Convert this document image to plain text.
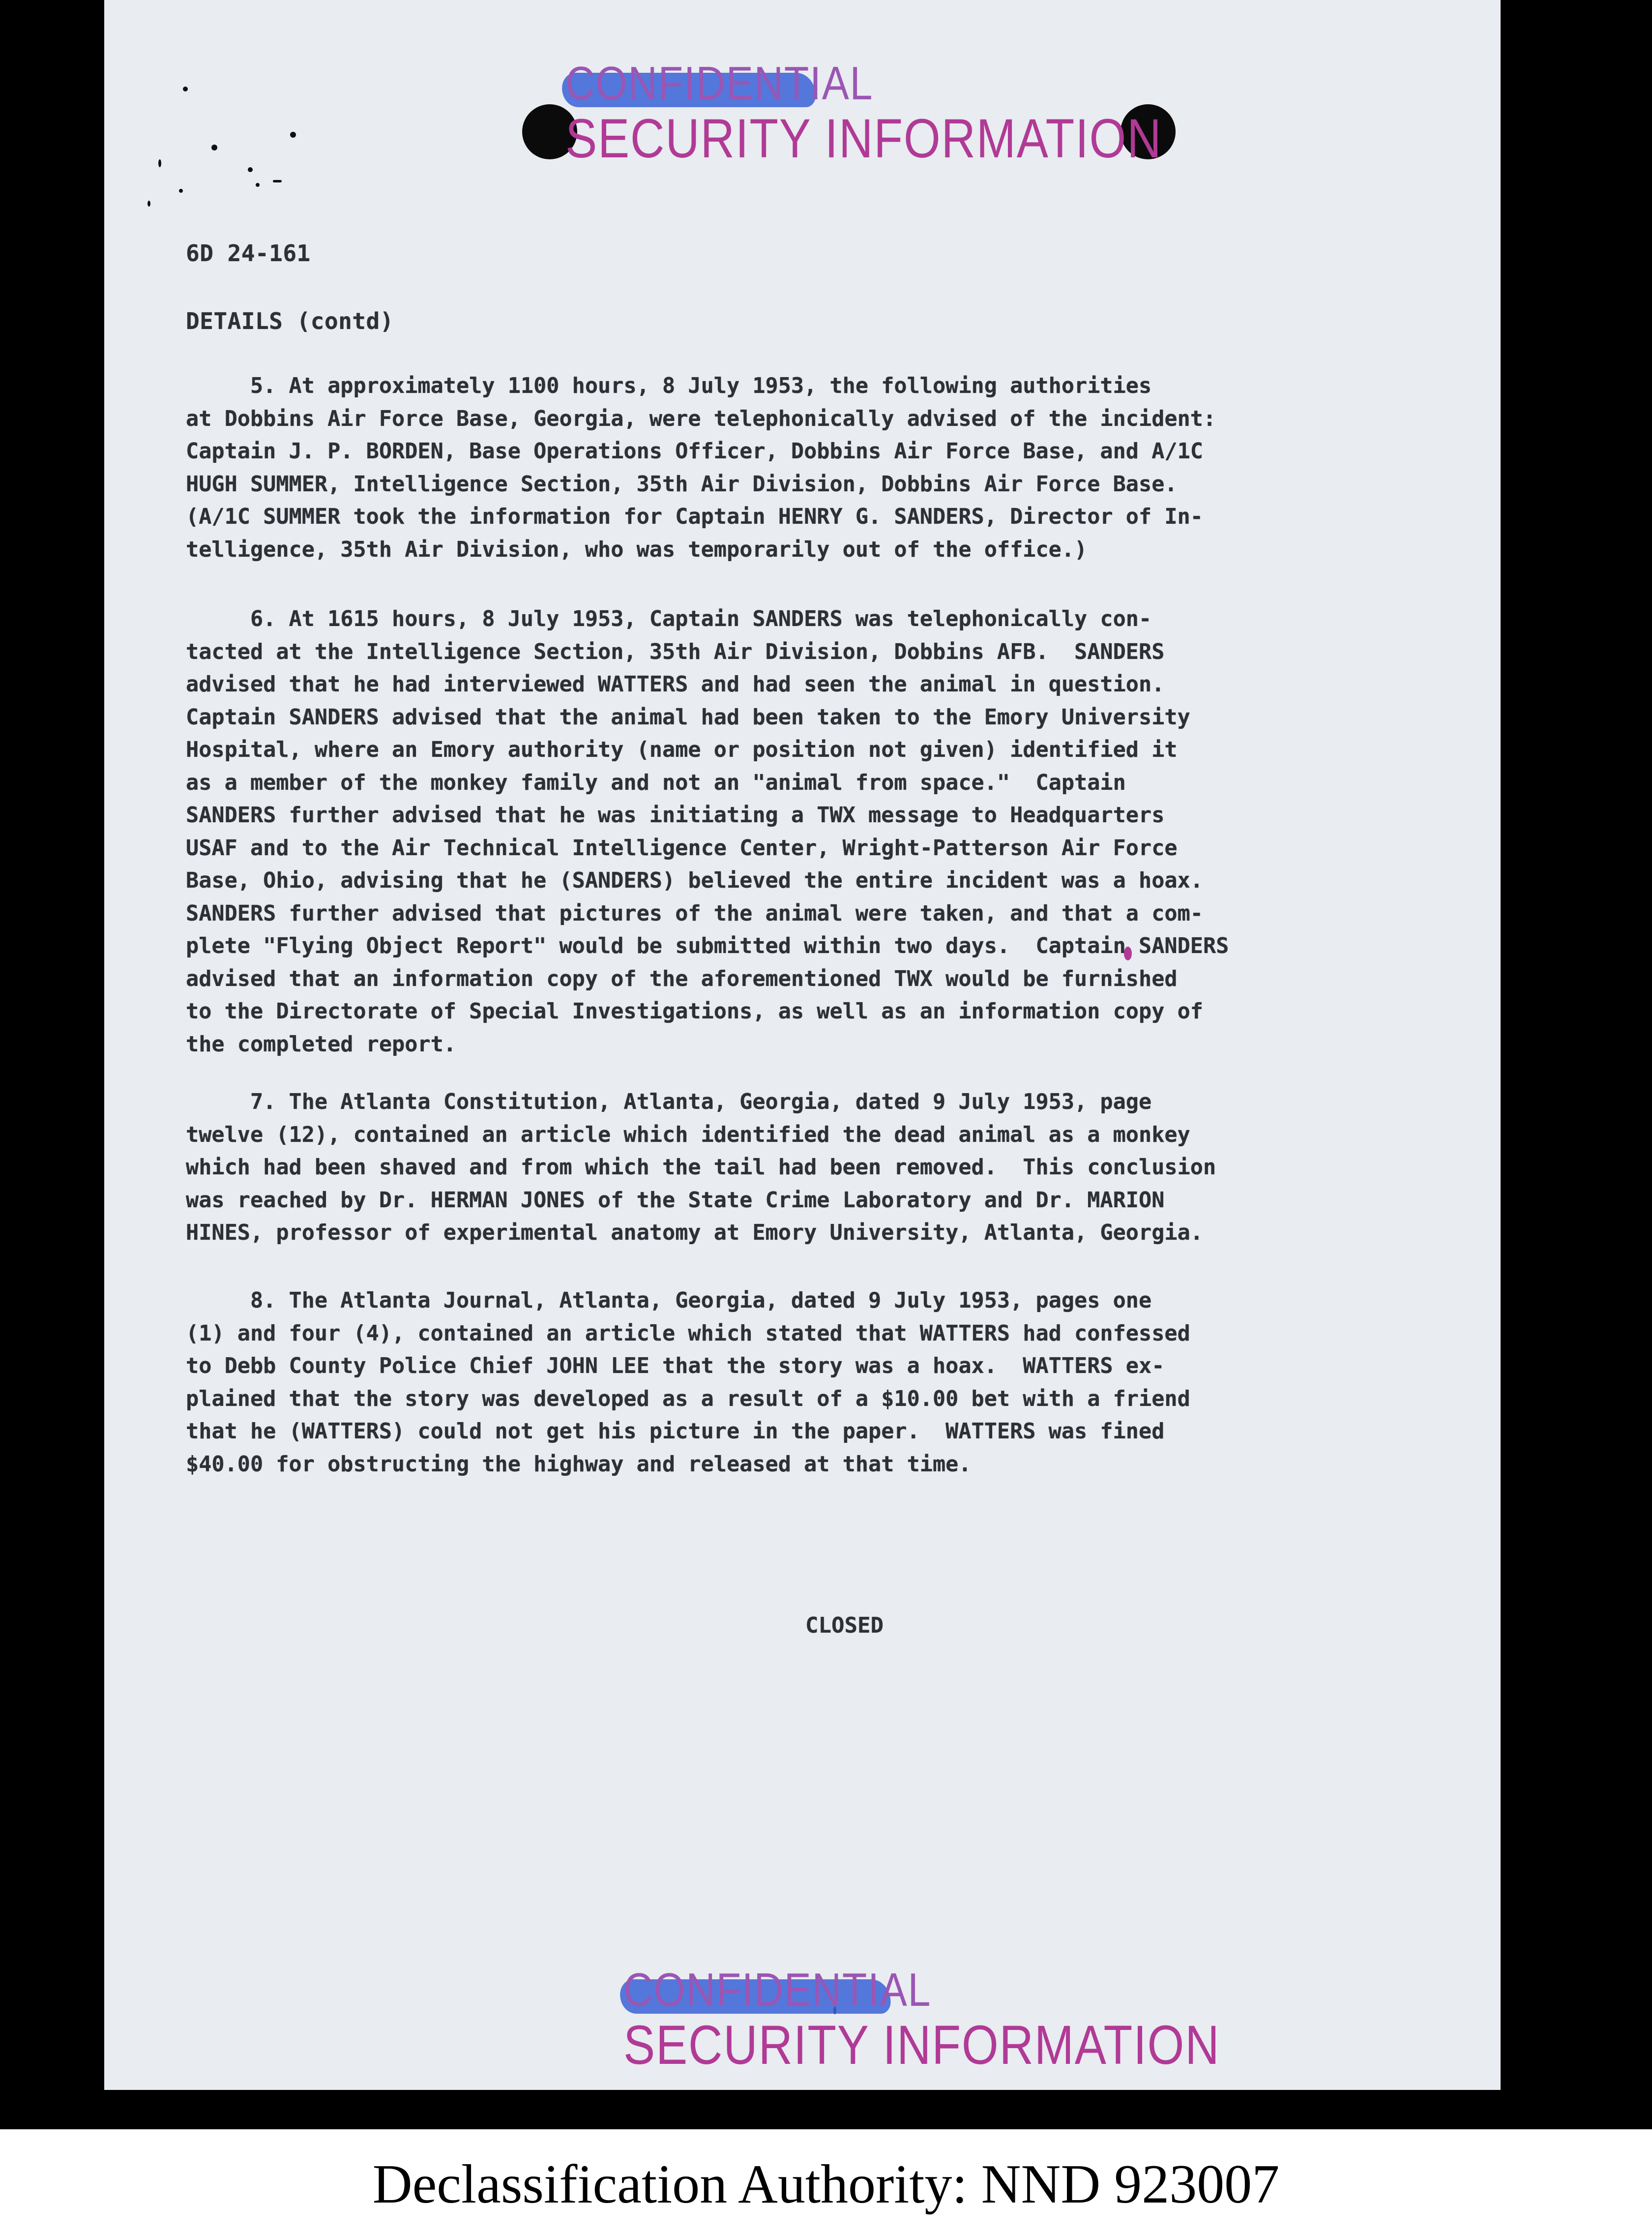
CONFIDENTIAL
SECURITY INFORMATION
6D 24-161
DETAILS (contd)
5. At approximately 1100 hours, 8 July 1953, the following authorities
at Dobbins Air Force Base, Georgia, were telephonically advised of the incident:
Captain J. P. BORDEN, Base Operations Officer, Dobbins Air Force Base, and A/1C
HUGH SUMMER, Intelligence Section, 35th Air Division, Dobbins Air Force Base.
(A/1C SUMMER took the information for Captain HENRY G. SANDERS, Director of In-
telligence, 35th Air Division, who was temporarily out of the office.)
6. At 1615 hours, 8 July 1953, Captain SANDERS was telephonically con-
tacted at the Intelligence Section, 35th Air Division, Dobbins AFB.  SANDERS
advised that he had interviewed WATTERS and had seen the animal in question.
Captain SANDERS advised that the animal had been taken to the Emory University
Hospital, where an Emory authority (name or position not given) identified it
as a member of the monkey family and not an "animal from space."  Captain
SANDERS further advised that he was initiating a TWX message to Headquarters
USAF and to the Air Technical Intelligence Center, Wright-Patterson Air Force
Base, Ohio, advising that he (SANDERS) believed the entire incident was a hoax.
SANDERS further advised that pictures of the animal were taken, and that a com-
plete "Flying Object Report" would be submitted within two days.  Captain SANDERS
advised that an information copy of the aforementioned TWX would be furnished
to the Directorate of Special Investigations, as well as an information copy of
the completed report.
7. The Atlanta Constitution, Atlanta, Georgia, dated 9 July 1953, page
twelve (12), contained an article which identified the dead animal as a monkey
which had been shaved and from which the tail had been removed.  This conclusion
was reached by Dr. HERMAN JONES of the State Crime Laboratory and Dr. MARION
HINES, professor of experimental anatomy at Emory University, Atlanta, Georgia.
8. The Atlanta Journal, Atlanta, Georgia, dated 9 July 1953, pages one
(1) and four (4), contained an article which stated that WATTERS had confessed
to Debb County Police Chief JOHN LEE that the story was a hoax.  WATTERS ex-
plained that the story was developed as a result of a $10.00 bet with a friend
that he (WATTERS) could not get his picture in the paper.  WATTERS was fined
$40.00 for obstructing the highway and released at that time.
CLOSED
CONFIDENTIAL
SECURITY INFORMATION
Declassification Authority: NND 923007
